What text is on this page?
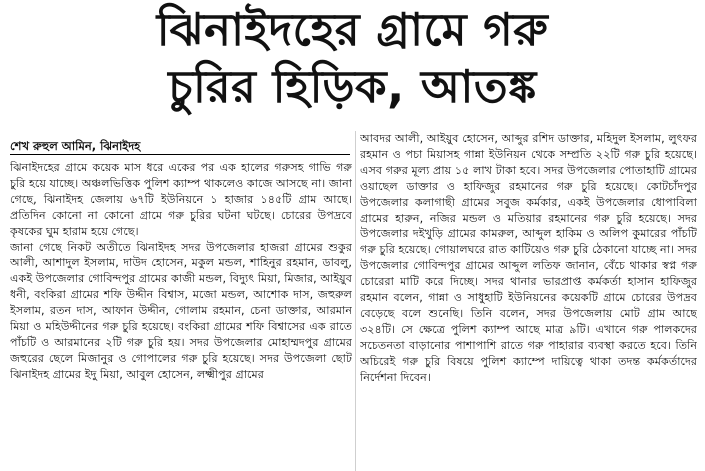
ঝিনাইদহের গ্রামে গরু
চুরির হিড়িক, আতঙ্ক
শেখ রুহুল আমিন, ঝিনাইদহ

ঝিনাইদহের গ্রামে কয়েক মাস ধরে একের পর এক হালের গরুসহ গাভি গরু চুরি হয়ে যাচ্ছে। অঞ্চলভিত্তিক পুলিশ ক্যাম্প থাকলেও কাজে আসছে না। জানা গেছে, ঝিনাইদহ জেলায় ৬৭টি ইউনিয়নে ১ হাজার ১৪৫টি গ্রাম আছে। প্রতিদিন কোনো না কোনো গ্রামে গরু চুরির ঘটনা ঘটছে। চোরের উপদ্রবে কৃষকের ঘুম হারাম হয়ে গেছে।

জানা গেছে নিকট অতীতে ঝিনাইদহ সদর উপজেলার হাজরা গ্রামের শুকুর আলী, আশাদুল ইসলাম, দাউদ হোসেন, মকুল মন্ডল, শাহিনুর রহমান, ডাবলু, একই উপজেলার গোবিন্দপুর গ্রামের কাজী মন্ডল, বিদ্যুৎ মিয়া, মিজার, আইয়ুব ধনী, বংকিরা গ্রামের শফি উদ্দীন বিশ্বাস, মজো মন্ডল, আশোক দাস, জহুরুল ইসলাম, রতন দাস, আফান উদ্দীন, গোলাম রহমান, চেনা ডাক্তার, আরমান মিয়া ও মহিউদ্দীনের গরু চুরি হয়েছে। বংকিরা গ্রামের শফি বিশ্বাসের এক রাতে পাঁচটি ও আরমানের ২টি গরু চুরি হয়। সদর উপজেলার মোহাম্মদপুর গ্রামের জহুরের ছেলে মিজানুর ও গোপালের গরু চুরি হয়েছে। সদর উপজেলা ছোট ঝিনাইদহ গ্রামের ইদু মিয়া, আবুল হোসেন, লক্ষ্মীপুর গ্রামের

আবদর আলী, আইয়ুব হোসেন, আব্দুর রশিদ ডাক্তার, মহিদুল ইসলাম, লুৎফর রহমান ও পচা মিয়াসহ গান্না ইউনিয়ন থেকে সম্প্রতি ২২টি গরু চুরি হয়েছে। এসব গরুর মূল্য প্রায় ১৫ লাখ টাকা হবে। সদর উপজেলার পোতাহাটি গ্রামের ওয়াছেল ডাক্তার ও হাফিজুর রহমানের গরু চুরি হয়েছে। কোটচাঁদপুর উপজেলার কলাগাছী গ্রামের সবুজ কর্মকার, একই উপজেলার ধোপাবিলা গ্রামের হারুন, নজির মন্ডল ও মতিয়ার রহমানের গরু চুরি হয়েছে। সদর উপজেলার দইখুড়ি গ্রামের কামরুল, আব্দুল হাকিম ও অলিপ কুমারের পাঁচটি গরু চুরি হয়েছে। গোয়ালঘরে রাত কাটিয়েও গরু চুরি ঠেকানো যাচ্ছে না। সদর উপজেলার গোবিন্দপুর গ্রামের আব্দুল লতিফ জানান, বেঁচে থাকার স্বপ্ন গরু চোরেরা মাটি করে দিচ্ছে। সদর থানার ভারপ্রাপ্ত কর্মকর্তা হাসান হাফিজুর রহমান বলেন, গান্না ও সাধুহাটি ইউনিয়নের কয়েকটি গ্রামে চোরের উপদ্রব বেড়েছে বলে শুনেছি। তিনি বলেন, সদর উপজেলায় মোট গ্রাম আছে ৩২৪টি। সে ক্ষেত্রে পুলিশ ক্যাম্প আছে মাত্র ৯টি। এখানে গরু পালকদের সচেতনতা বাড়ানোর পাশাপাশি রাতে গরু পাহারার ব্যবস্থা করতে হবে। তিনি অচিরেই গরু চুরি বিষয়ে পুলিশ ক্যাম্পে দায়িত্বে থাকা তদন্ত কর্মকর্তাদের নির্দেশনা দিবেন।
